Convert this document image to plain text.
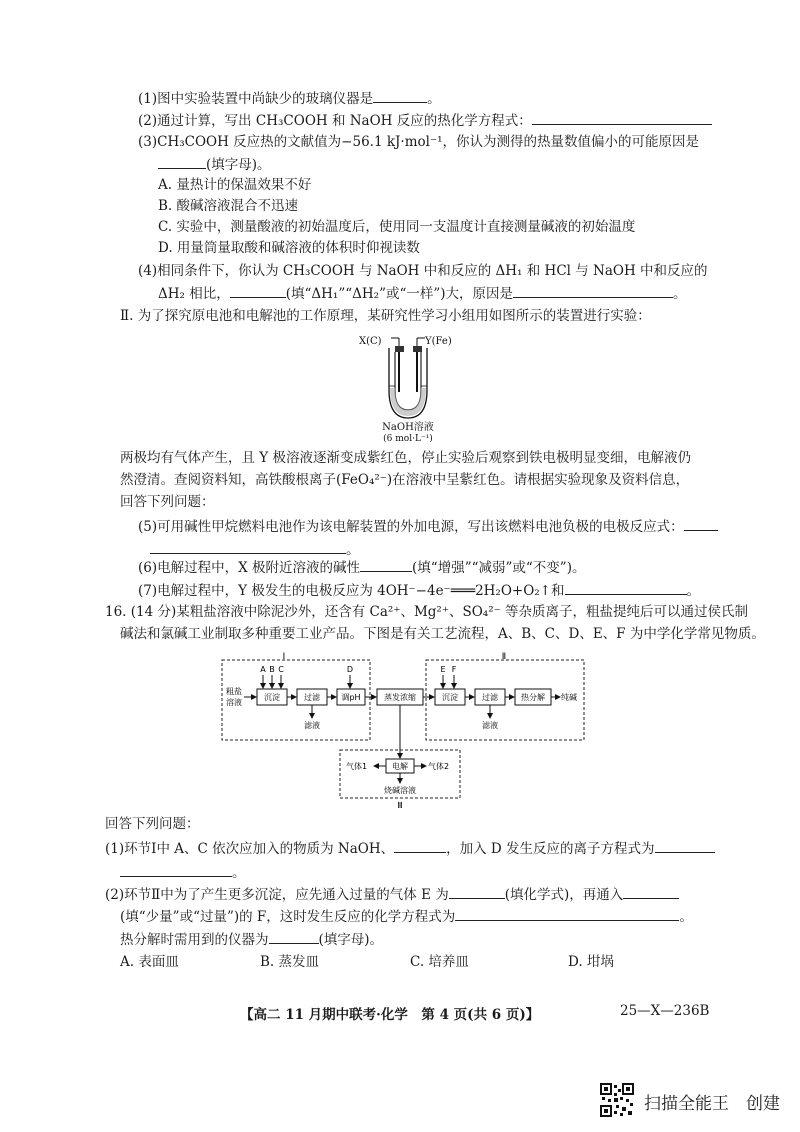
(1)图中实验装置中尚缺少的玻璃仪器是	。
(2)通过计算，写出 CH₃COOH 和 NaOH 反应的热化学方程式：
(3)CH₃COOH 反应热的文献值为−56.1 kJ·mol⁻¹，你认为测得的热量数值偏小的可能原因是
(填字母)。
A. 量热计的保温效果不好
B. 酸碱溶液混合不迅速
C. 实验中，测量酸液的初始温度后，使用同一支温度计直接测量碱液的初始温度
D. 用量筒量取酸和碱溶液的体积时仰视读数
(4)相同条件下，你认为 CH₃COOH 与 NaOH 中和反应的 ΔH₁ 和 HCl 与 NaOH 中和反应的
ΔH₂ 相比，	(填“ΔH₁”“ΔH₂”或“一样”)大，原因是	。
Ⅱ. 为了探究原电池和电解池的工作原理，某研究性学习小组用如图所示的装置进行实验：
X(C)	Y(Fe)
NaOH溶液
(6 mol·L⁻¹)
两极均有气体产生，且 Y 极溶液逐渐变成紫红色，停止实验后观察到铁电极明显变细，电解液仍
然澄清。查阅资料知，高铁酸根离子(FeO₄²⁻)在溶液中呈紫红色。请根据实验现象及资料信息，
回答下列问题：
(5)可用碱性甲烷燃料电池作为该电解装置的外加电源，写出该燃料电池负极的电极反应式：
。
(6)电解过程中，X 极附近溶液的碱性	(填“增强”“减弱”或“不变”)。
(7)电解过程中，Y 极发生的电极反应为 4OH⁻−4e⁻═══2H₂O+O₂↑和	。
16. (14 分)某粗盐溶液中除泥沙外，还含有 Ca²⁺、Mg²⁺、SO₄²⁻ 等杂质离子，粗盐提纯后可以通过侯氏制
碱法和氯碱工业制取多种重要工业产品。下图是有关工艺流程，A、B、C、D、E、F 为中学化学常见物质。
Ⅰ	Ⅱ
Ⅲ
A B C	D	E F
粗盐
溶液
沉淀	过滤	调pH	蒸发浓缩	沉淀	过滤	热分解 纯碱
滤液	滤液
电解
气体1	气体2
烧碱溶液
回答下列问题：
(1)环节Ⅰ中 A、C 依次应加入的物质为 NaOH、	，加入 D 发生反应的离子方程式为
。
(2)环节Ⅱ中为了产生更多沉淀，应先通入过量的气体 E 为	(填化学式)，再通入
(填“少量”或“过量”)的 F，这时发生反应的化学方程式为	。
热分解时需用到的仪器为	(填字母)。
A. 表面皿	B. 蒸发皿	C. 培养皿	D. 坩埚
【高二 11 月期中联考·化学　第 4 页(共 6 页)】	25—X—236B
扫描全能王　创建
